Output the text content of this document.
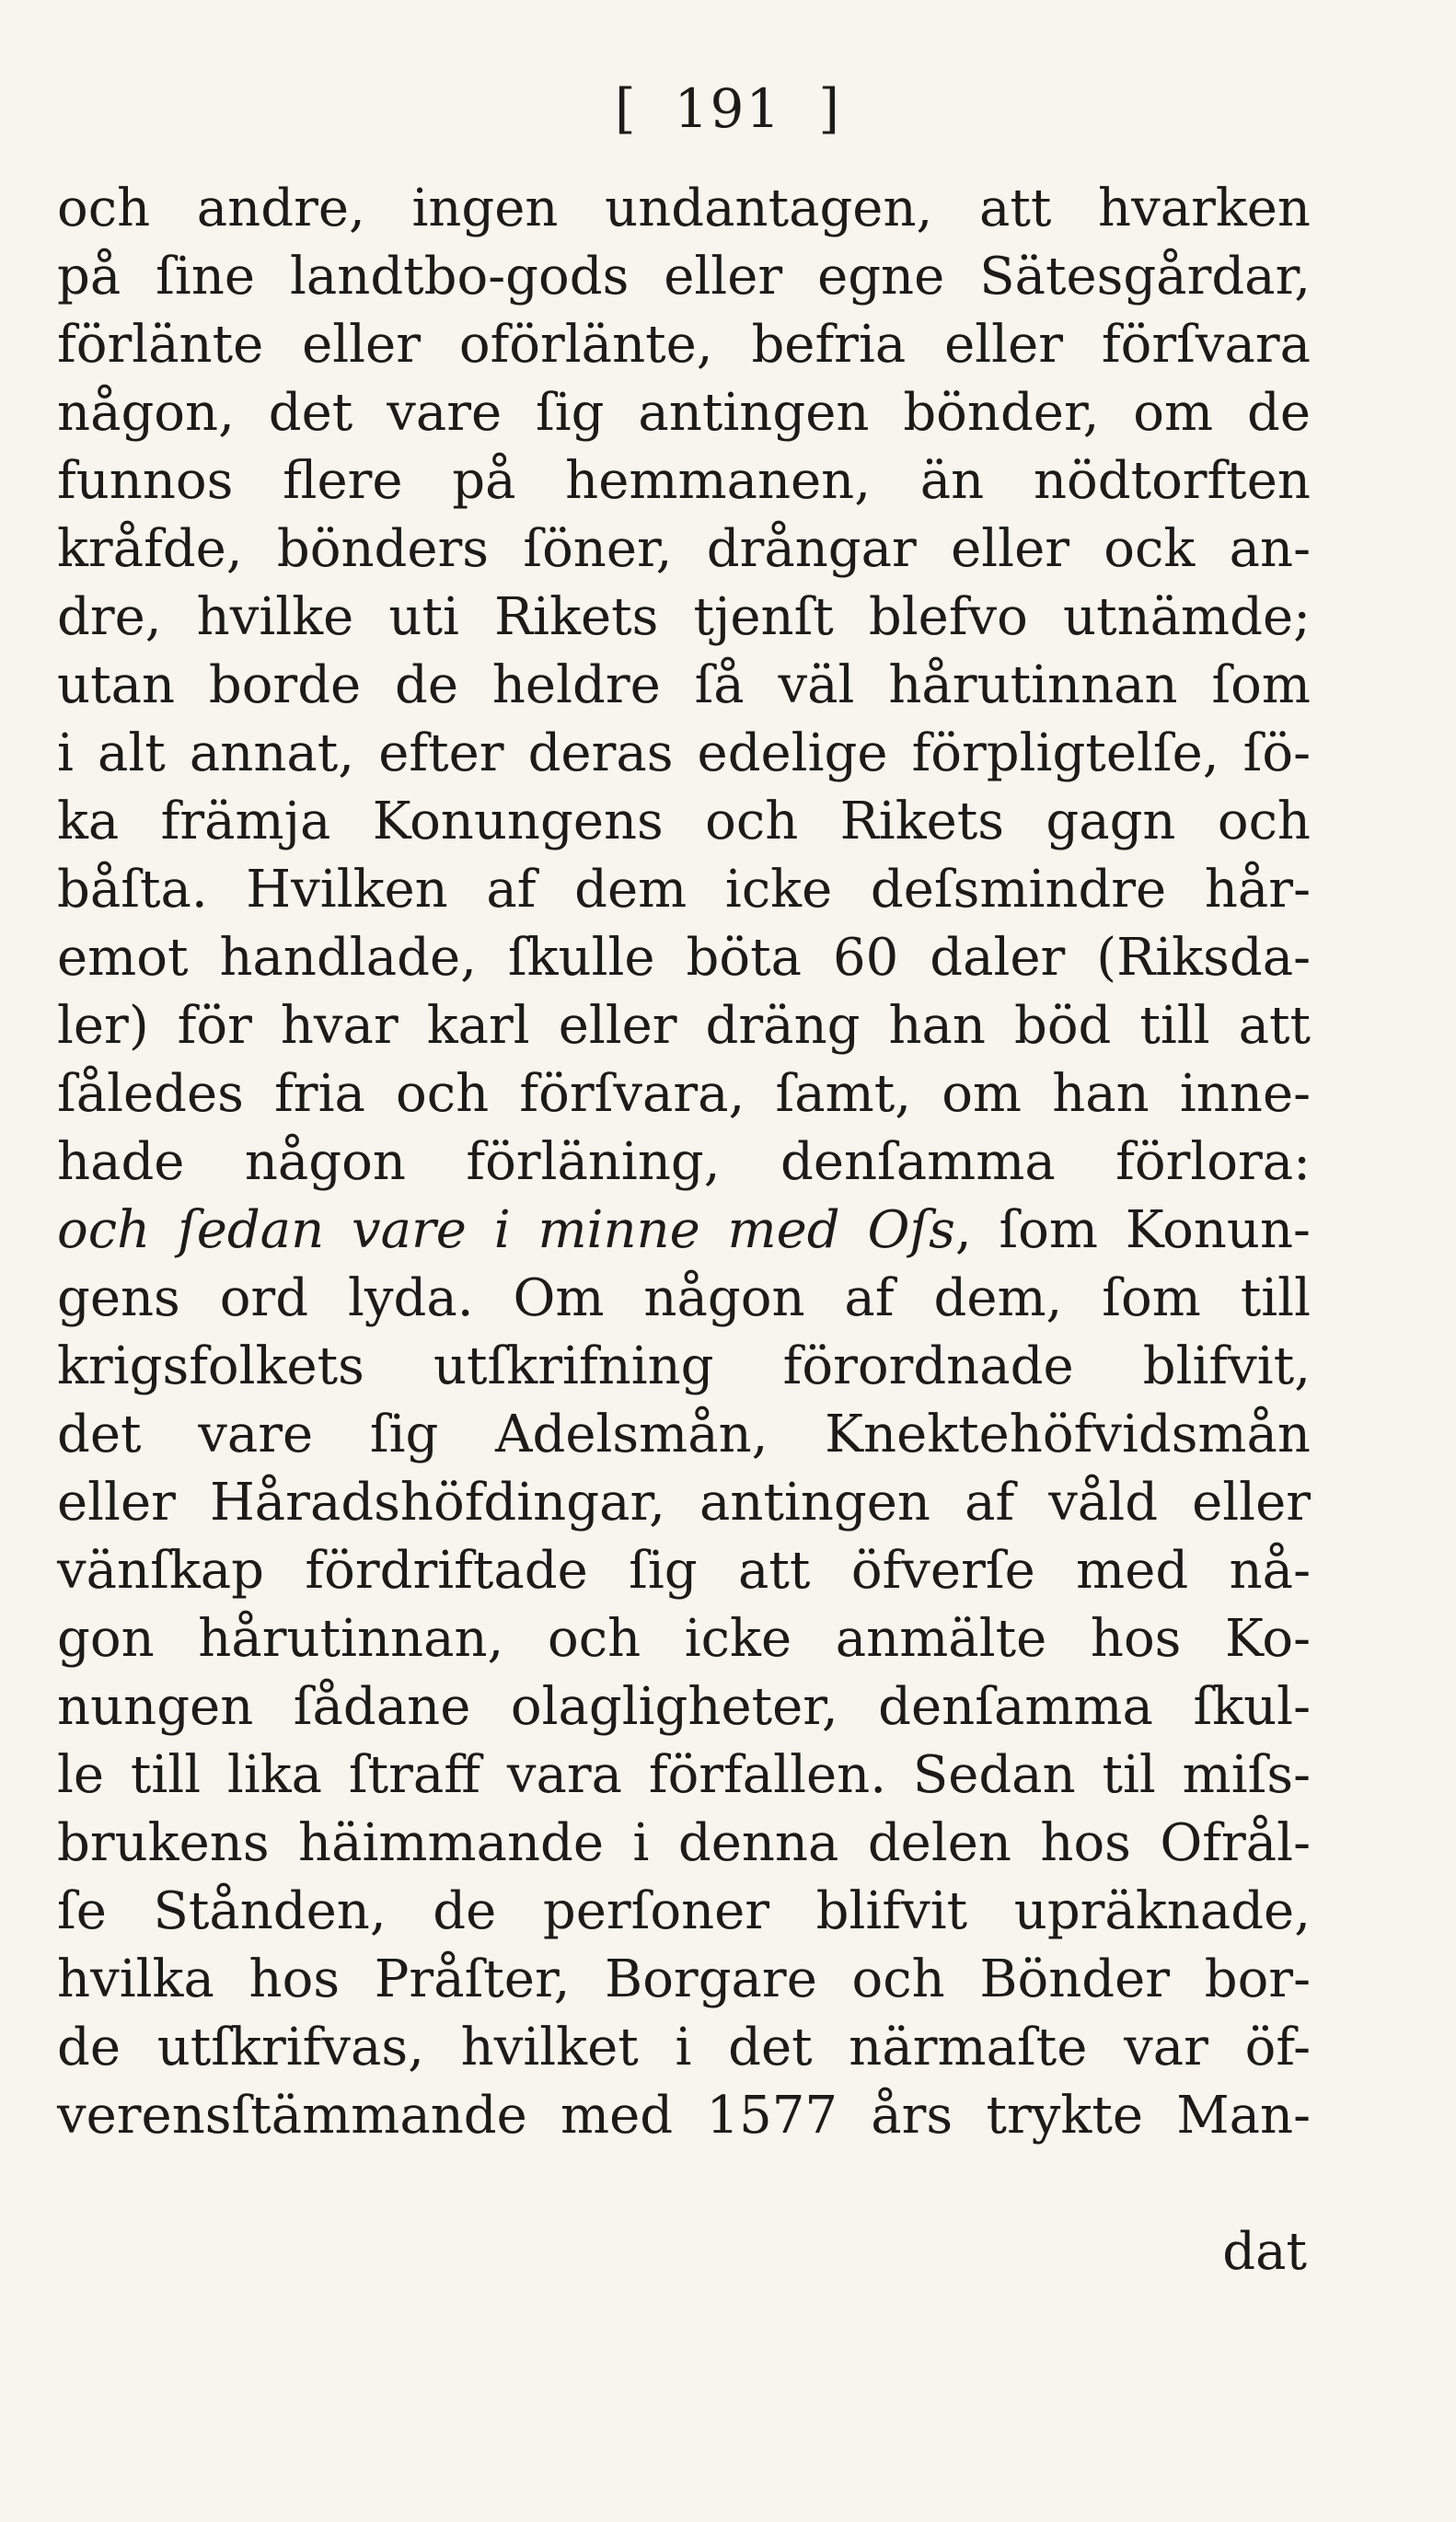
[ 191 ]
och andre, ingen undantagen, att hvarken
på ſine landtbo-gods eller egne Sätesgårdar,
förlänte eller oförlänte, befria eller förſvara
någon, det vare ſig antingen bönder, om de
funnos flere på hemmanen, än nödtorften
kråfde, bönders ſöner, drångar eller ock an-
dre, hvilke uti Rikets tjenſt blefvo utnämde;
utan borde de heldre ſå väl hårutinnan ſom
i alt annat, efter deras edelige förpligtelſe, ſö-
ka främja Konungens och Rikets gagn och
båſta. Hvilken af dem icke deſsmindre hår-
emot handlade, ſkulle böta 60 daler (Riksda-
ler) för hvar karl eller dräng han böd till att
ſåledes fria och förſvara, ſamt, om han inne-
hade någon förläning, denſamma förlora:
och ſedan vare i minne med Oſs, ſom Konun-
gens ord lyda. Om någon af dem, ſom till
krigsfolkets utſkrifning förordnade blifvit,
det vare ſig Adelsmån, Knektehöfvidsmån
eller Håradshöfdingar, antingen af våld eller
vänſkap fördriftade ſig att öfverſe med nå-
gon hårutinnan, och icke anmälte hos Ko-
nungen ſådane olagligheter, denſamma ſkul-
le till lika ſtraff vara förfallen. Sedan til miſs-
brukens häimmande i denna delen hos Ofrål-
ſe Stånden, de perſoner blifvit upräknade,
hvilka hos Pråſter, Borgare och Bönder bor-
de utſkrifvas, hvilket i det närmaſte var öf-
verensſtämmande med 1577 års trykte Man-
dat
